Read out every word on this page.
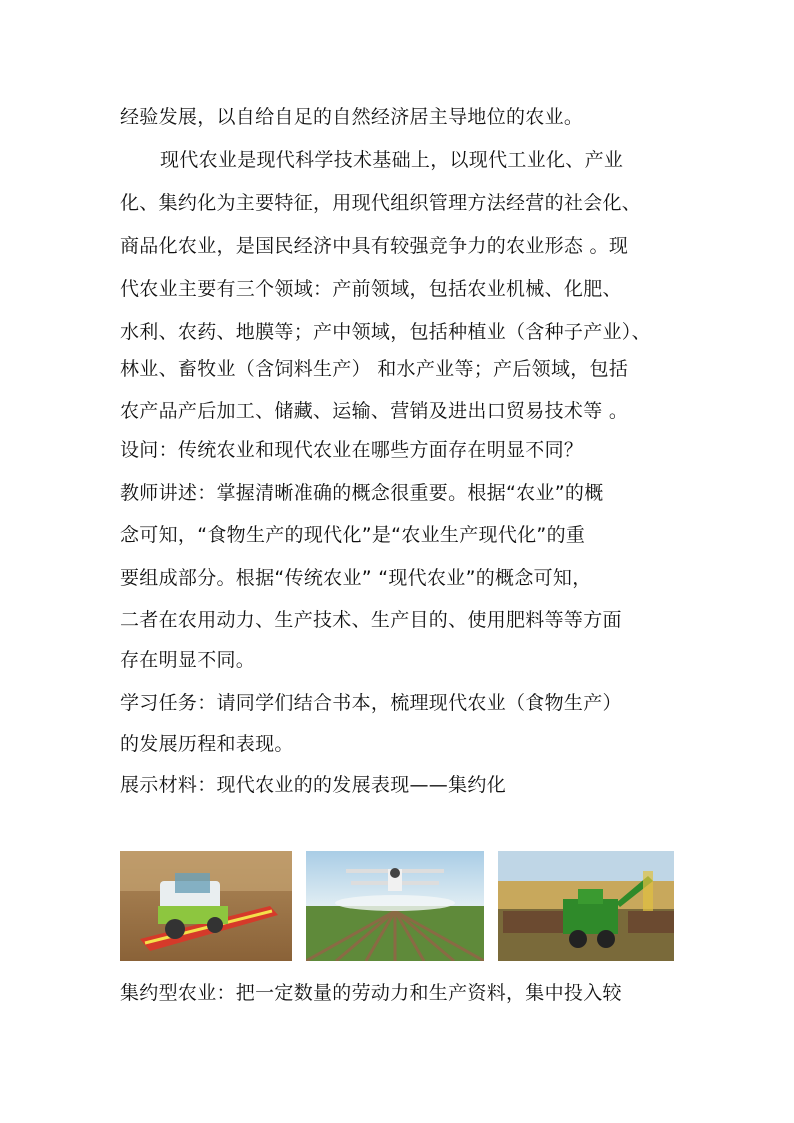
经验发展，以自给自足的自然经济居主导地位的农业。
现代农业是现代科学技术基础上，以现代工业化、产业
化、集约化为主要特征，用现代组织管理方法经营的社会化、
商品化农业，是国民经济中具有较强竞争力的农业形态 。现
代农业主要有三个领域：产前领域，包括农业机械、化肥、
水利、农药、地膜等；产中领域，包括种植业（含种子产业）、
林业、畜牧业（含饲料生产） 和水产业等；产后领域，包括
农产品产后加工、储藏、运输、营销及进出口贸易技术等 。
设问：传统农业和现代农业在哪些方面存在明显不同？
教师讲述：掌握清晰准确的概念很重要。根据“农业”的概
念可知，“食物生产的现代化”是“农业生产现代化”的重
要组成部分。根据“传统农业” “现代农业”的概念可知，
二者在农用动力、生产技术、生产目的、使用肥料等等方面
存在明显不同。
学习任务：请同学们结合书本，梳理现代农业（食物生产）
的发展历程和表现。
展示材料：现代农业的的发展表现——集约化
集约型农业：把一定数量的劳动力和生产资料，集中投入较
